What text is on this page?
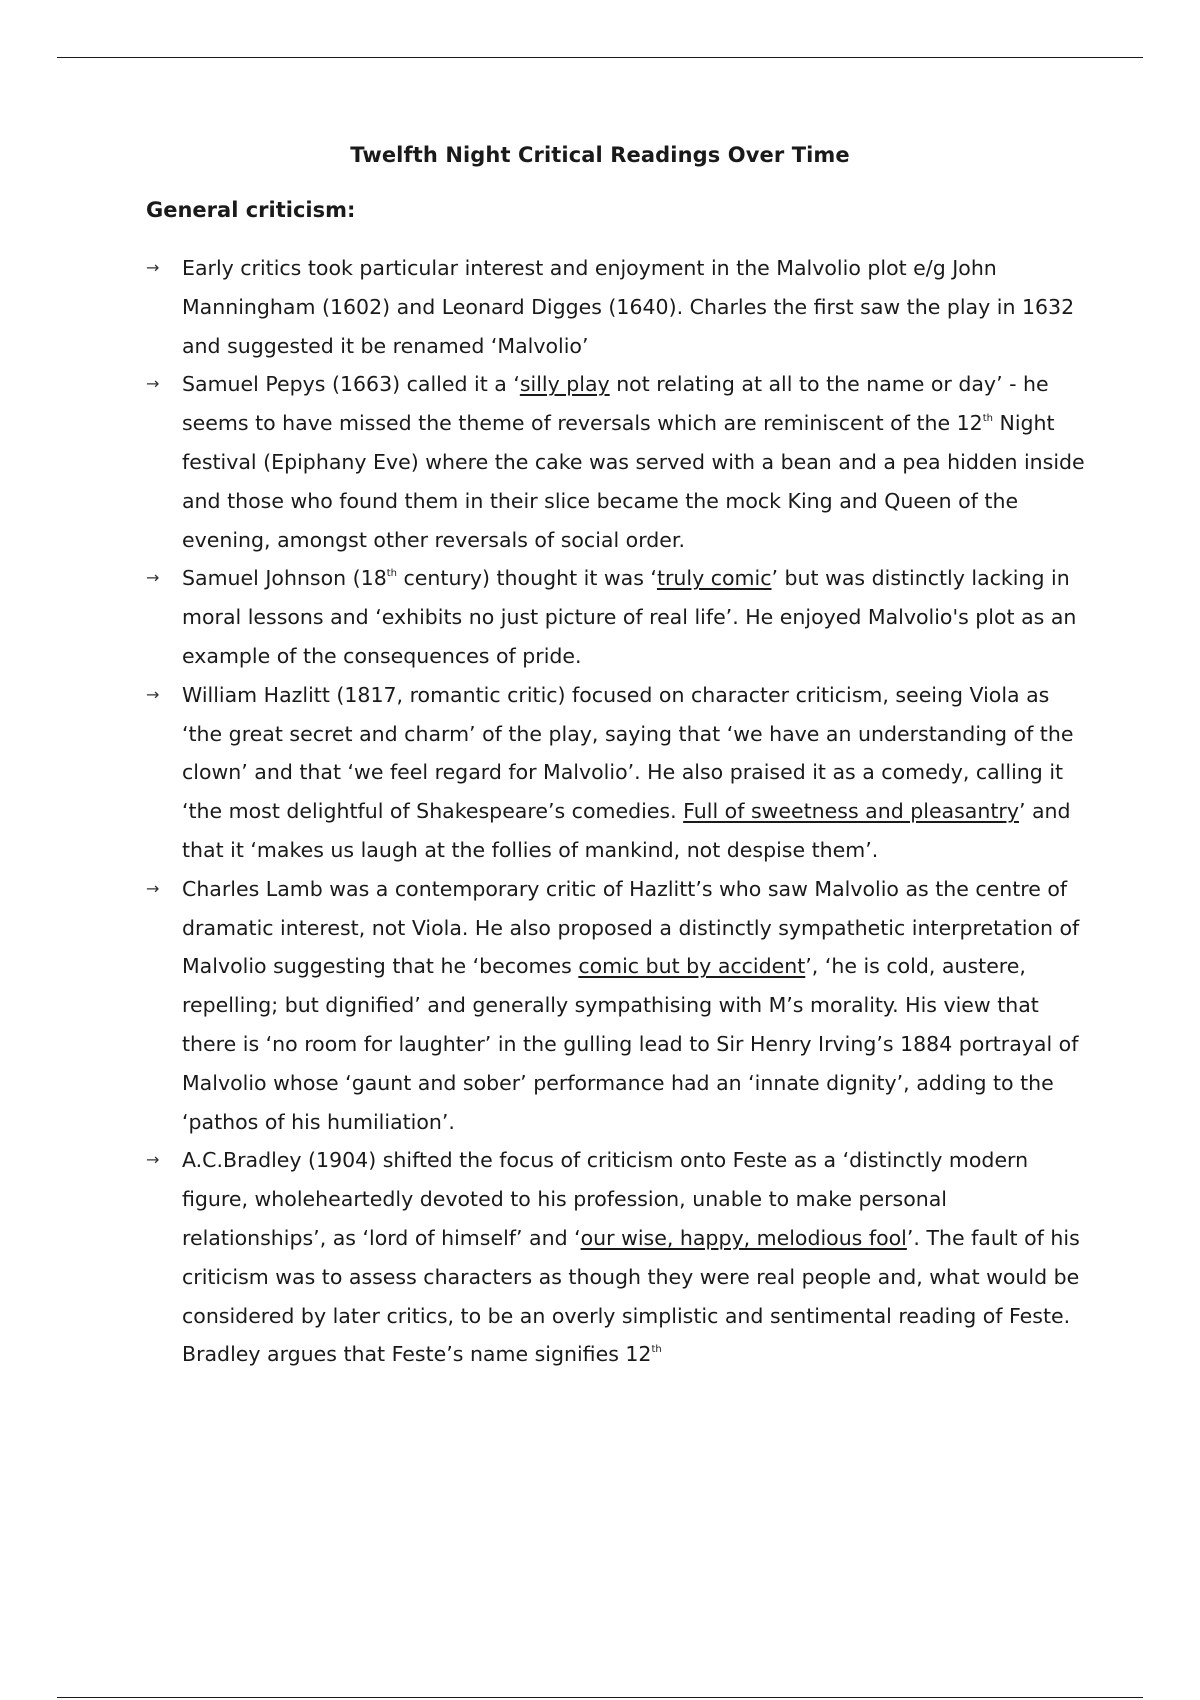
Twelfth Night Critical Readings Over Time
General criticism:
→ Early critics took particular interest and enjoyment in the Malvolio plot e/g John Manningham (1602) and Leonard Digges (1640). Charles the first saw the play in 1632 and suggested it be renamed ‘Malvolio’
→ Samuel Pepys (1663) called it a ‘silly play not relating at all to the name or day’ - he seems to have missed the theme of reversals which are reminiscent of the 12th Night festival (Epiphany Eve) where the cake was served with a bean and a pea hidden inside and those who found them in their slice became the mock King and Queen of the evening, amongst other reversals of social order.
→ Samuel Johnson (18th century) thought it was ‘truly comic’ but was distinctly lacking in moral lessons and ‘exhibits no just picture of real life’. He enjoyed Malvolio's plot as an example of the consequences of pride.
→ William Hazlitt (1817, romantic critic) focused on character criticism, seeing Viola as ‘the great secret and charm’ of the play, saying that ‘we have an understanding of the clown’ and that ‘we feel regard for Malvolio’. He also praised it as a comedy, calling it ‘the most delightful of Shakespeare’s comedies. Full of sweetness and pleasantry’ and that it ‘makes us laugh at the follies of mankind, not despise them’.
→ Charles Lamb was a contemporary critic of Hazlitt’s who saw Malvolio as the centre of dramatic interest, not Viola. He also proposed a distinctly sympathetic interpretation of Malvolio suggesting that he ‘becomes comic but by accident’, ‘he is cold, austere, repelling; but dignified’ and generally sympathising with M’s morality. His view that there is ‘no room for laughter’ in the gulling lead to Sir Henry Irving’s 1884 portrayal of Malvolio whose ‘gaunt and sober’ performance had an ‘innate dignity’, adding to the ‘pathos of his humiliation’.
→ A.C.Bradley (1904) shifted the focus of criticism onto Feste as a ‘distinctly modern figure, wholeheartedly devoted to his profession, unable to make personal relationships’, as ‘lord of himself’ and ‘our wise, happy, melodious fool’. The fault of his criticism was to assess characters as though they were real people and, what would be considered by later critics, to be an overly simplistic and sentimental reading of Feste. Bradley argues that Feste’s name signifies 12th
